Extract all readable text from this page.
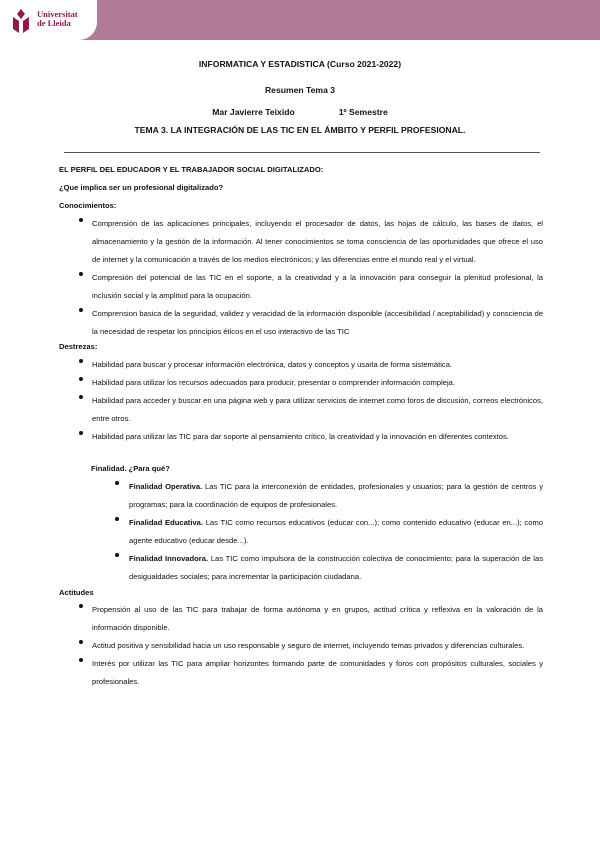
Universitat
de Lleida
INFORMATICA Y ESTADISTICA (Curso 2021-2022)
Resumen Tema 3
Mar Javierre Teixido	1º Semestre
TEMA 3. LA INTEGRACIÓN DE LAS TIC EN EL ÁMBITO Y PERFIL PROFESIONAL.

EL PERFIL DEL EDUCADOR Y EL TRABAJADOR SOCIAL DIGITALIZADO:

¿Que implica ser un profesional digitalizado?

Conocimientos:

Comprensión de las aplicaciones principales, incluyendo el procesador de datos, las hojas de cálculo, las bases de datos, el almacenamiento y la gestión de la información. Al tener conocimientos se toma consciencia de las oportunidades que ofrece el uso de internet y la comunicación a través de los medios electrónicos; y las diferencias entre el mundo real y el virtual.
Compresión del potencial de las TIC en el soporte, a la creatividad y a la innovación para conseguir la plenitud profesional, la inclusión social y la amplitud para la ocupación.
Comprension basica de la seguridad, validez y veracidad de la información disponible (accesibilidad / aceptabilidad) y consciencia de la necesidad de respetar los principios éticos en el uso interactivo de las TIC

Destrezas:

Habilidad para buscar y procesar información electrónica, datos y conceptos y usarla de forma sistemática.
Habilidad para utilizar los recursos adecuados para producir, presentar o comprender información compleja.
Habilidad para acceder y buscar en una página web y para utilizar servicios de internet como foros de discusión, correos electrónicos, entre otros.
Habilidad para utilizar las TIC para dar soporte al pensamiento crítico, la creatividad y la innovación en diferentes contextos.

Finalidad. ¿Para qué?

Finalidad Operativa. Las TIC para la interconexión de entidades, profesionales y usuarios; para la gestión de centros y programas; para la coordinación de equipos de profesionales.
Finalidad Educativa. Las TIC como recursos educativos (educar con...); como contenido educativo (educar en...); como agente educativo (educar desde...).
Finalidad Innovadora. Las TIC como impulsora de la construcción colectiva de conocimiento; para la superación de las desigualdades sociales; para incrementar la participación ciudadana.

Actitudes

Propensión al uso de las TIC para trabajar de forma autónoma y en grupos, actitud crítica y reflexiva en la valoración de la información disponible.
Actitud positiva y sensibilidad hacia un uso responsable y seguro de internet, incluyendo temas privados y diferencias culturales.
Interés por utilizar las TIC para ampliar horizontes formando parte de comunidades y foros con propósitos culturales, sociales y profesionales.
